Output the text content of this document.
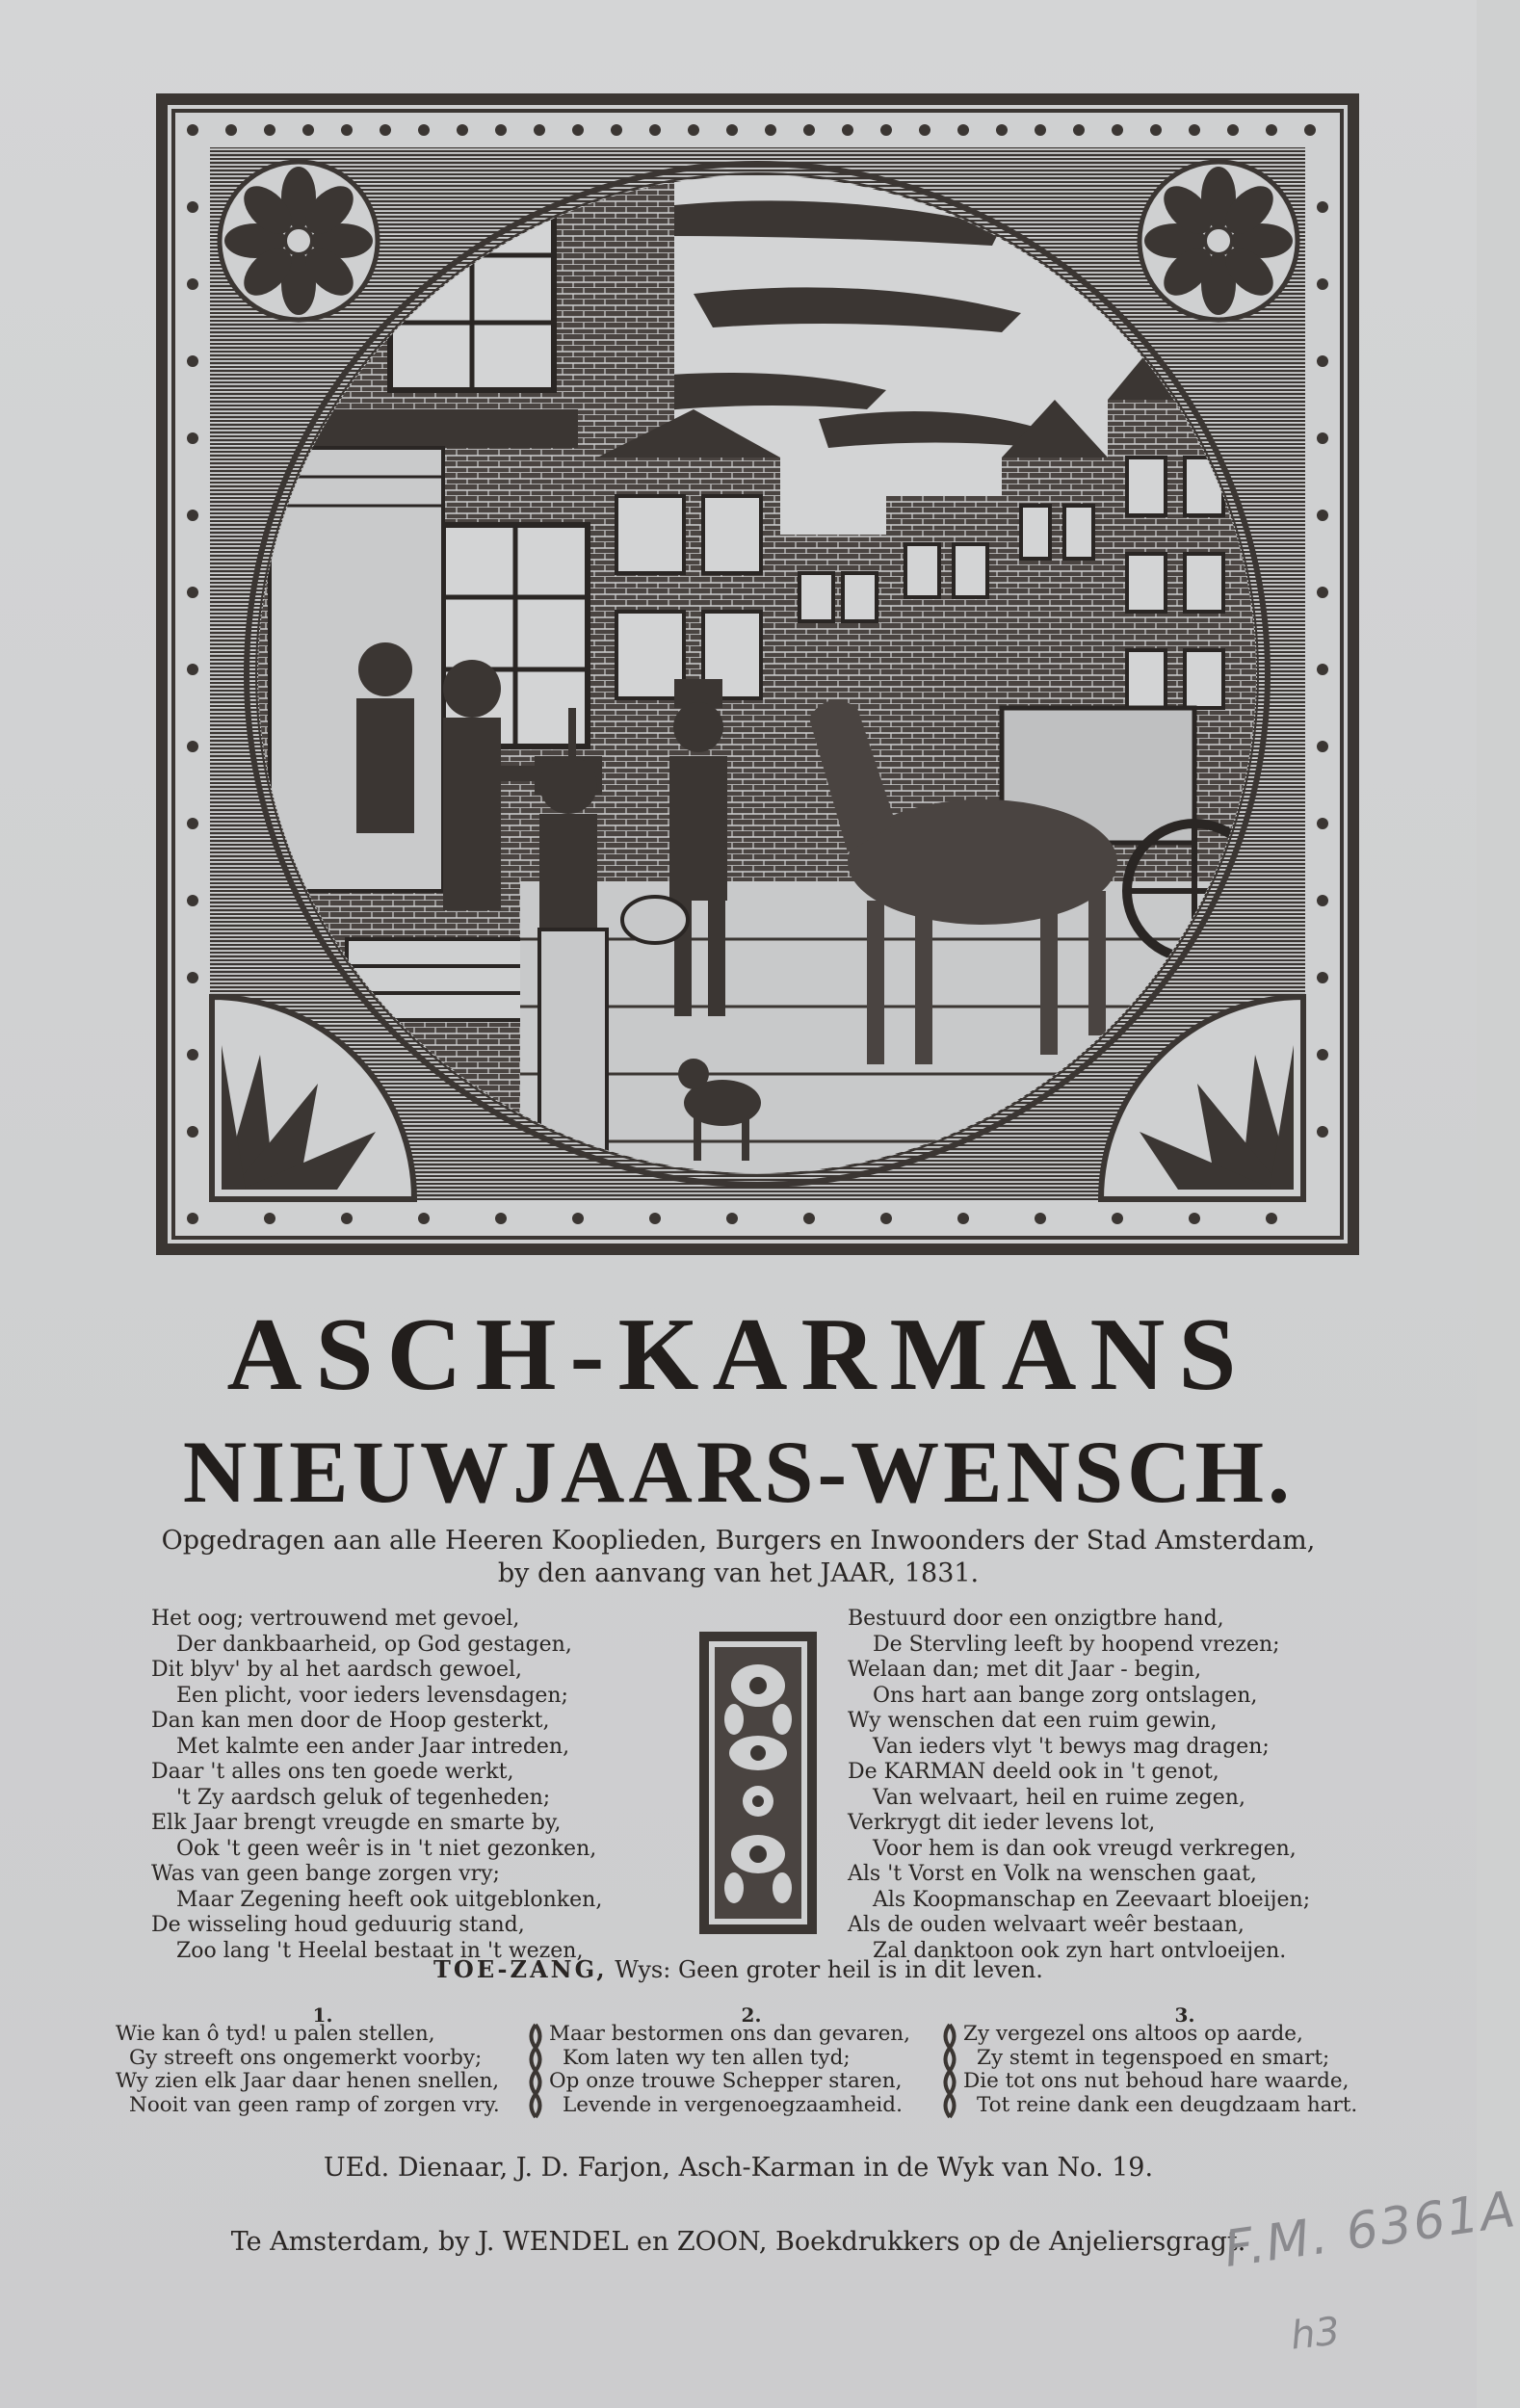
ASCH-KARMANS
NIEUWJAARS-WENSCH.
Opgedragen aan alle Heeren Kooplieden, Burgers en Inwoonders der Stad Amsterdam,
by den aanvang van het JAAR, 1831.
Het oog; vertrouwend met gevoel,
Der dankbaarheid, op God gestagen,
Dit blyv' by al het aardsch gewoel,
Een plicht, voor ieders levensdagen;
Dan kan men door de Hoop gesterkt,
Met kalmte een ander Jaar intreden,
Daar 't alles ons ten goede werkt,
't Zy aardsch geluk of tegenheden;
Elk Jaar brengt vreugde en smarte by,
Ook 't geen weêr is in 't niet gezonken,
Was van geen bange zorgen vry;
Maar Zegening heeft ook uitgeblonken,
De wisseling houd geduurig stand,
Zoo lang 't Heelal bestaat in 't wezen,
Bestuurd door een onzigtbre hand,
De Stervling leeft by hoopend vrezen;
Welaan dan; met dit Jaar - begin,
Ons hart aan bange zorg ontslagen,
Wy wenschen dat een ruim gewin,
Van ieders vlyt 't bewys mag dragen;
De KARMAN deeld ook in 't genot,
Van welvaart, heil en ruime zegen,
Verkrygt dit ieder levens lot,
Voor hem is dan ook vreugd verkregen,
Als 't Vorst en Volk na wenschen gaat,
Als Koopmanschap en Zeevaart bloeijen;
Als de ouden welvaart weêr bestaan,
Zal danktoon ook zyn hart ontvloeijen.
TOE-ZANG, Wys: Geen groter heil is in dit leven.
1.
Wie kan ô tyd! u palen stellen,
Gy streeft ons ongemerkt voorby;
Wy zien elk Jaar daar henen snellen,
Nooit van geen ramp of zorgen vry.
2.
Maar bestormen ons dan gevaren,
Kom laten wy ten allen tyd;
Op onze trouwe Schepper staren,
Levende in vergenoegzaamheid.
3.
Zy vergezel ons altoos op aarde,
Zy stemt in tegenspoed en smart;
Die tot ons nut behoud hare waarde,
Tot reine dank een deugdzaam hart.
UEd. Dienaar, J. D. Farjon, Asch-Karman in de Wyk van No. 19.
Te Amsterdam, by J. WENDEL en ZOON, Boekdrukkers op de Anjeliersgragt.
F.M. 6361A
h3
